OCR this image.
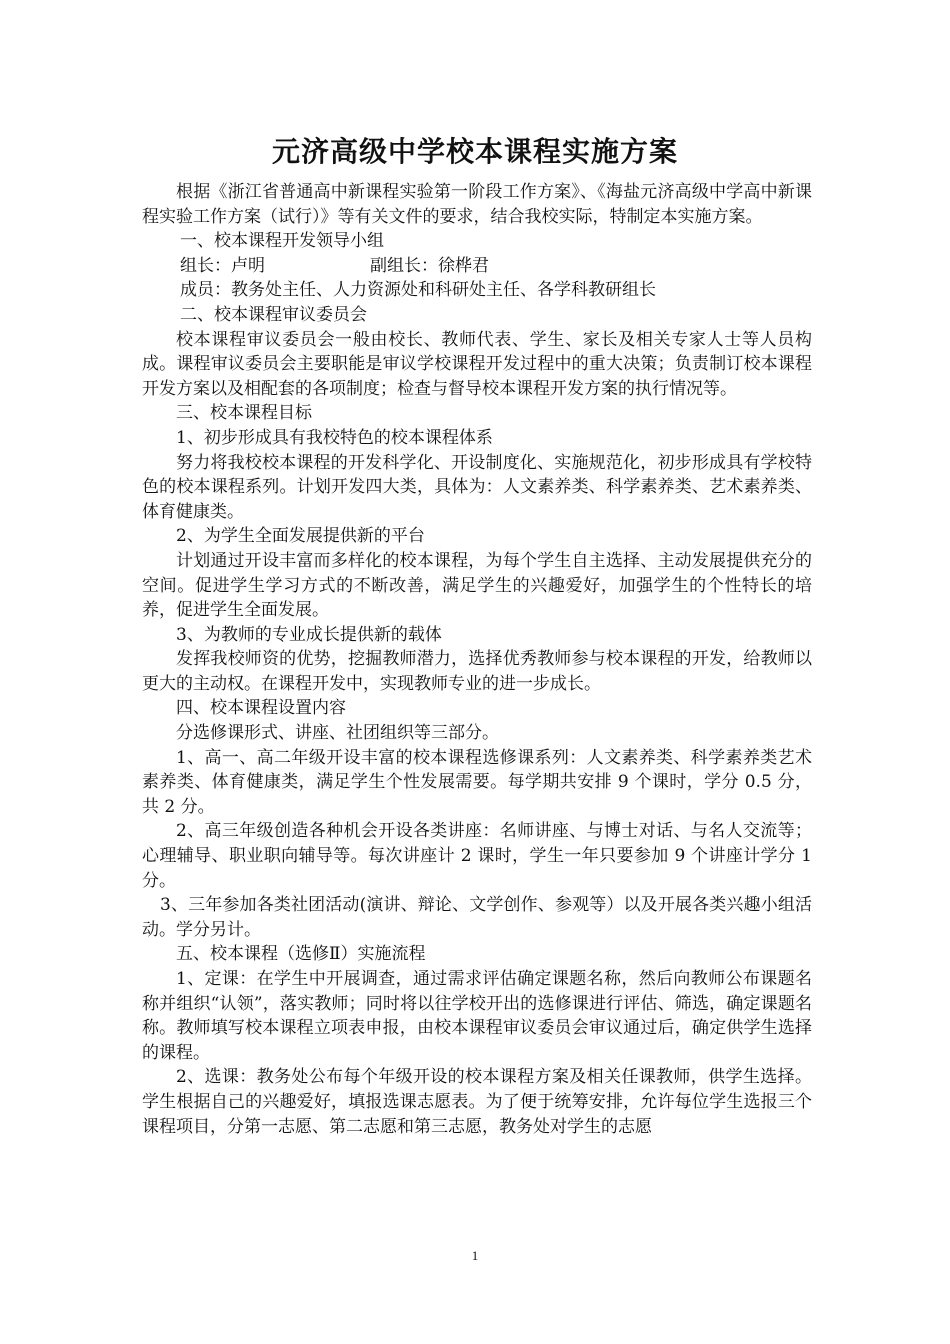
元济高级中学校本课程实施方案

根据《浙江省普通高中新课程实验第一阶段工作方案》、《海盐元济高级中学高中新课程实验工作方案（试行）》等有关文件的要求，结合我校实际，特制定本实施方案。

一、校本课程开发领导小组

组长：卢明	副组长：徐桦君

成员：教务处主任、人力资源处和科研处主任、各学科教研组长

二、校本课程审议委员会

校本课程审议委员会一般由校长、教师代表、学生、家长及相关专家人士等人员构成。课程审议委员会主要职能是审议学校课程开发过程中的重大决策；负责制订校本课程开发方案以及相配套的各项制度；检查与督导校本课程开发方案的执行情况等。

三、校本课程目标

1、初步形成具有我校特色的校本课程体系

努力将我校校本课程的开发科学化、开设制度化、实施规范化，初步形成具有学校特色的校本课程系列。计划开发四大类，具体为：人文素养类、科学素养类、艺术素养类、体育健康类。

2、为学生全面发展提供新的平台

计划通过开设丰富而多样化的校本课程，为每个学生自主选择、主动发展提供充分的空间。促进学生学习方式的不断改善，满足学生的兴趣爱好，加强学生的个性特长的培养，促进学生全面发展。

3、为教师的专业成长提供新的载体

发挥我校师资的优势，挖掘教师潜力，选择优秀教师参与校本课程的开发，给教师以更大的主动权。在课程开发中，实现教师专业的进一步成长。

四、校本课程设置内容

分选修课形式、讲座、社团组织等三部分。

1、高一、高二年级开设丰富的校本课程选修课系列：人文素养类、科学素养类艺术素养类、体育健康类，满足学生个性发展需要。每学期共安排 9 个课时，学分 0.5 分，共 2 分。

2、高三年级创造各种机会开设各类讲座：名师讲座、与博士对话、与名人交流等；心理辅导、职业职向辅导等。每次讲座计 2 课时，学生一年只要参加 9 个讲座计学分 1 分。

3、三年参加各类社团活动(演讲、辩论、文学创作、参观等）以及开展各类兴趣小组活动。学分另计。

五、校本课程（选修Ⅱ）实施流程

1、定课：在学生中开展调查，通过需求评估确定课题名称，然后向教师公布课题名称并组织“认领”，落实教师；同时将以往学校开出的选修课进行评估、筛选，确定课题名称。教师填写校本课程立项表申报，由校本课程审议委员会审议通过后，确定供学生选择的课程。

2、选课：教务处公布每个年级开设的校本课程方案及相关任课教师，供学生选择。学生根据自己的兴趣爱好，填报选课志愿表。为了便于统筹安排，允许每位学生选报三个课程项目，分第一志愿、第二志愿和第三志愿，教务处对学生的志愿

1
